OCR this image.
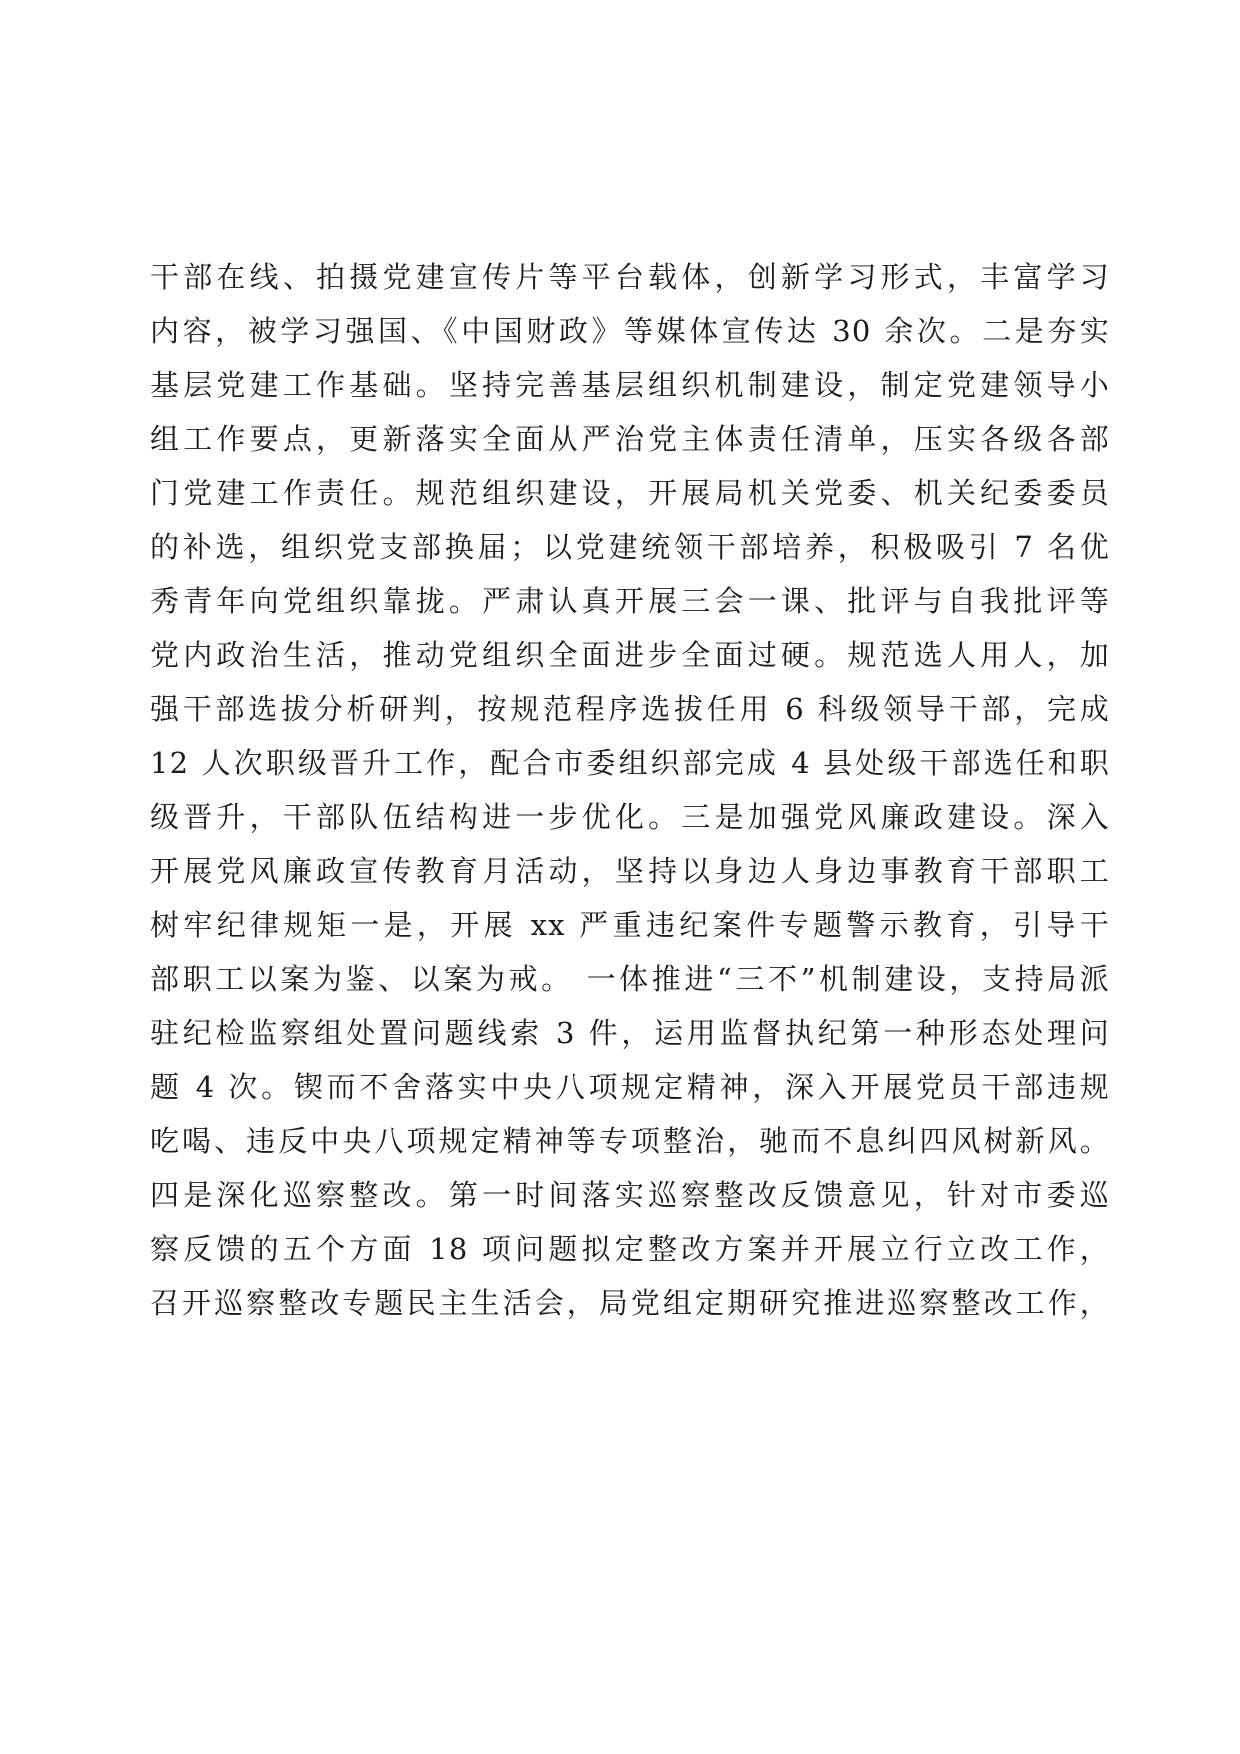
干部在线、拍摄党建宣传片等平台载体，创新学习形式，丰富学习
内容，被学习强国、《中国财政》等媒体宣传达 30 余次。二是夯实
基层党建工作基础。坚持完善基层组织机制建设，制定党建领导小
组工作要点，更新落实全面从严治党主体责任清单，压实各级各部
门党建工作责任。规范组织建设，开展局机关党委、机关纪委委员
的补选，组织党支部换届；以党建统领干部培养，积极吸引 7 名优
秀青年向党组织靠拢。严肃认真开展三会一课、批评与自我批评等
党内政治生活，推动党组织全面进步全面过硬。规范选人用人，加
强干部选拔分析研判，按规范程序选拔任用 6 科级领导干部，完成
12 人次职级晋升工作，配合市委组织部完成 4 县处级干部选任和职
级晋升，干部队伍结构进一步优化。三是加强党风廉政建设。深入
开展党风廉政宣传教育月活动，坚持以身边人身边事教育干部职工
树牢纪律规矩一是，开展 xx 严重违纪案件专题警示教育，引导干
部职工以案为鉴、以案为戒。 一体推进“三不”机制建设，支持局派
驻纪检监察组处置问题线索 3 件，运用监督执纪第一种形态处理问
题 4 次。锲而不舍落实中央八项规定精神，深入开展党员干部违规
吃喝、违反中央八项规定精神等专项整治，驰而不息纠四风树新风。
四是深化巡察整改。第一时间落实巡察整改反馈意见，针对市委巡
察反馈的五个方面 18 项问题拟定整改方案并开展立行立改工作，
召开巡察整改专题民主生活会，局党组定期研究推进巡察整改工作，
